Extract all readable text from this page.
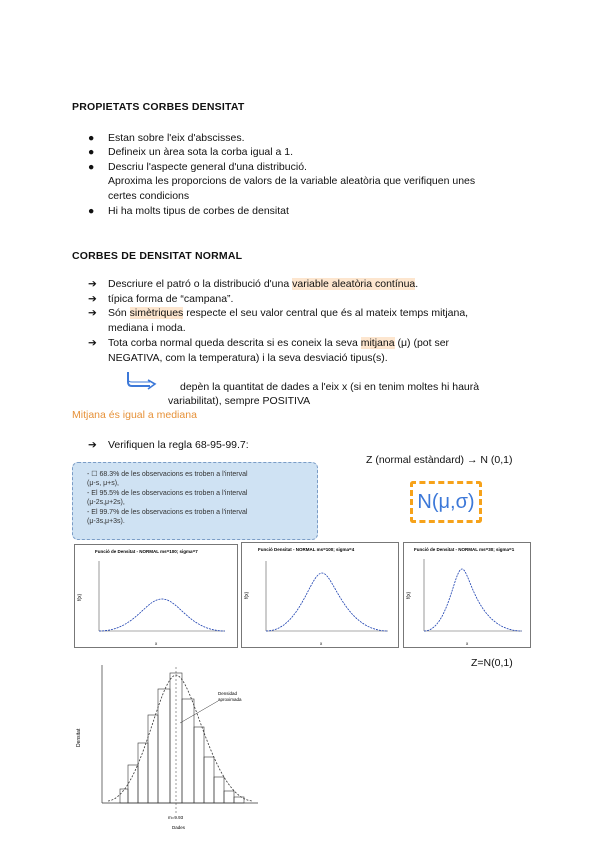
PROPIETATS CORBES DENSITAT
● Estan sobre l'eix d'abscisses.
● Defineix un àrea sota la corba igual a 1.
● Descriu l'aspecte general d'una distribució.
Aproxima les proporcions de valors de la variable aleatòria que verifiquen unes
certes condicions
● Hi ha molts tipus de corbes de densitat
CORBES DE DENSITAT NORMAL
➔ Descriure el patró o la distribució d'una variable aleatòria contínua.
➔ típica forma de “campana”.
➔ Són simètriques respecte el seu valor central que és al mateix temps mitjana,
mediana i moda.
➔ Tota corba normal queda descrita si es coneix la seva mitjana (μ) (pot ser
NEGATIVA, com la temperatura) i la seva desviació tipus(s).
depèn la quantitat de dades a l'eix x (si en tenim moltes hi haurà
variabilitat), sempre POSITIVA
Mitjana és igual a mediana
➔ Verifiquen la regla 68-95-99.7:
Z (normal estàndard) → N (0,1)
- ☐ 68.3% de les observacions es troben a l'interval
(μ-s, μ+s),
- El 95.5% de les observacions es troben a l'interval
(μ-2s,μ+2s),
- El 99.7% de les observacions es troben a l'interval
(μ-3s,μ+3s).
N(μ,σ)
Funció de Densitat - NORMAL ms=100; sigma=7
f(x)
x
Funció Densitat - NORMAL ms=100; sigma=4
f(x)
x
Funció de Densitat - NORMAL ms=30; sigma=1
f(x)
x
Z=N(0,1)
Densitat
Densidad
aproximada
m=9.93
Dades
